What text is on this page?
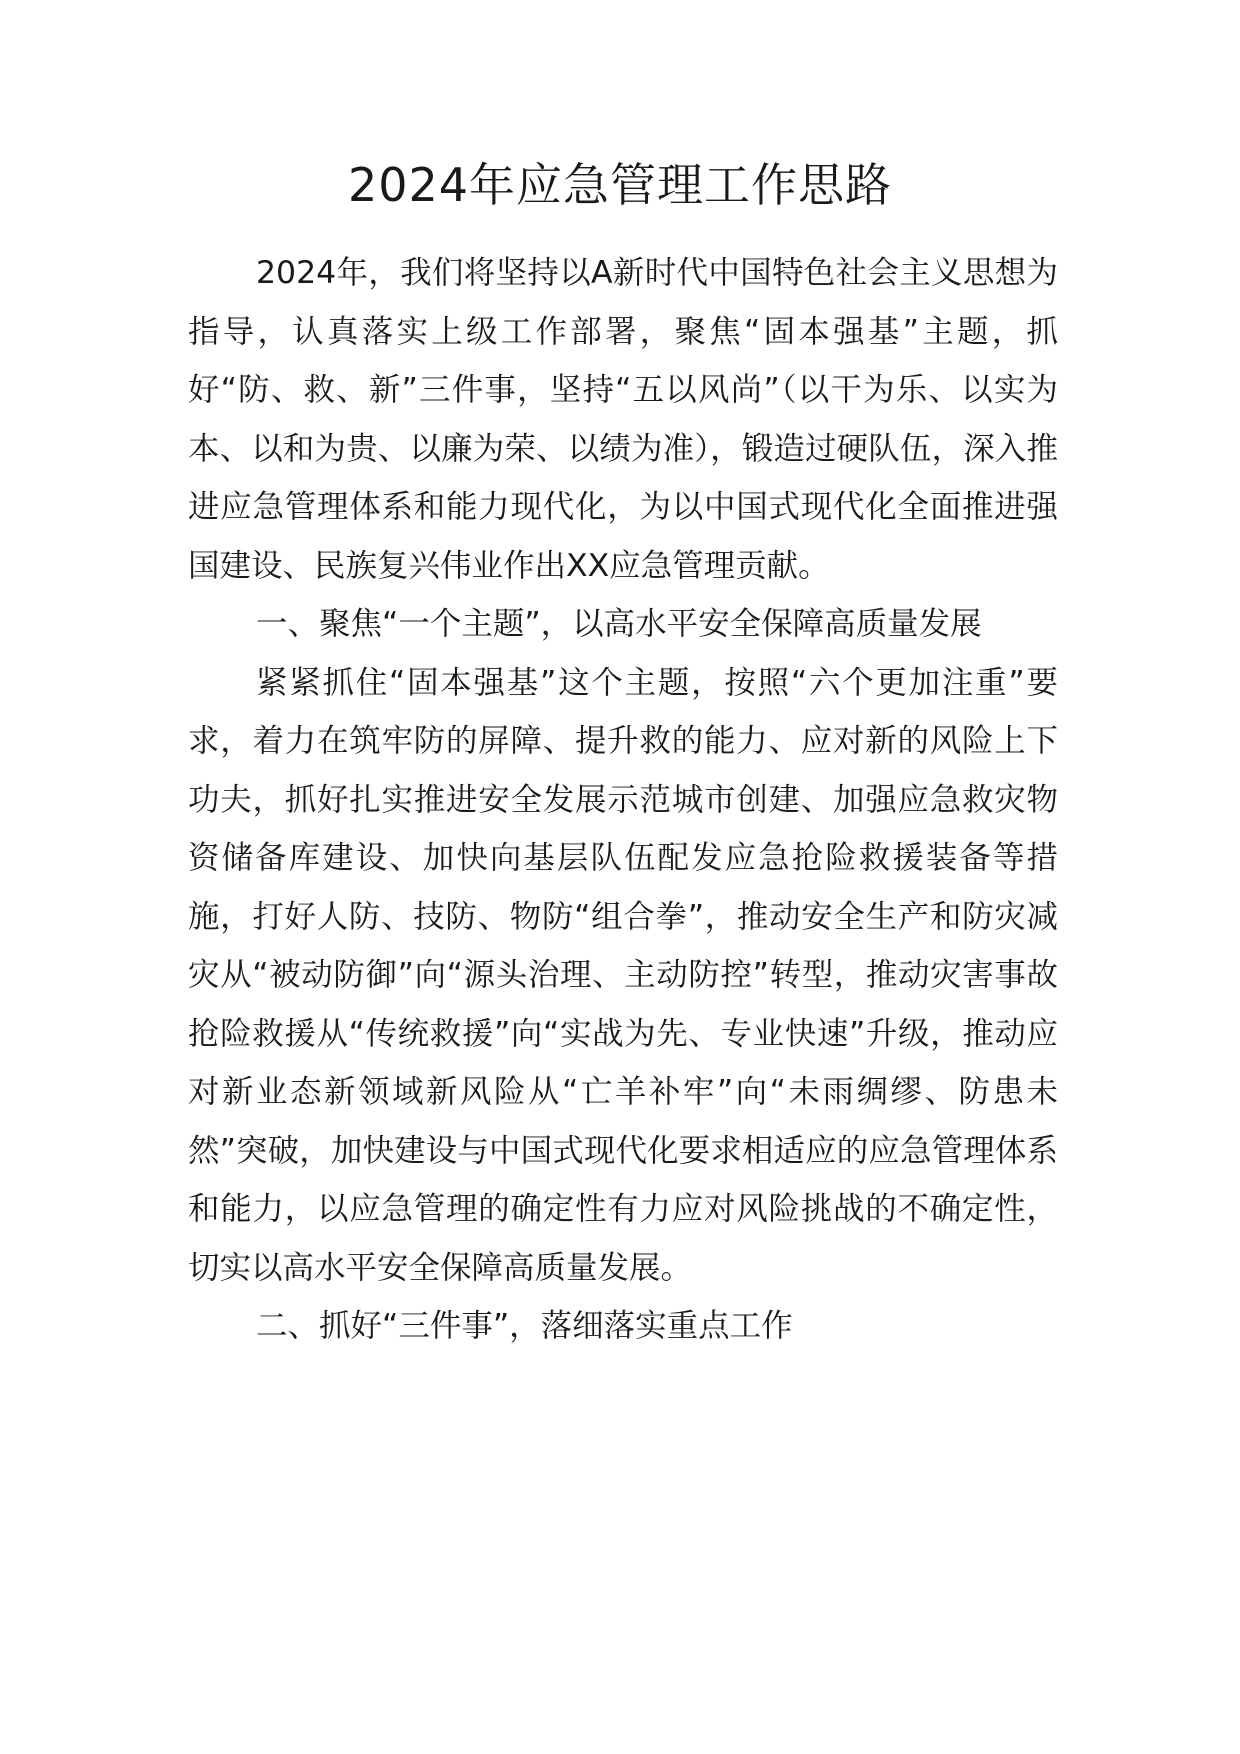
2024年应急管理工作思路

2024年，我们将坚持以A新时代中国特色社会主义思想为指导，认真落实上级工作部署，聚焦“固本强基”主题，抓好“防、救、新”三件事，坚持“五以风尚”（以干为乐、以实为本、以和为贵、以廉为荣、以绩为准），锻造过硬队伍，深入推进应急管理体系和能力现代化，为以中国式现代化全面推进强国建设、民族复兴伟业作出XX应急管理贡献。

一、聚焦“一个主题”，以高水平安全保障高质量发展

紧紧抓住“固本强基”这个主题，按照“六个更加注重”要求，着力在筑牢防的屏障、提升救的能力、应对新的风险上下功夫，抓好扎实推进安全发展示范城市创建、加强应急救灾物资储备库建设、加快向基层队伍配发应急抢险救援装备等措施，打好人防、技防、物防“组合拳”，推动安全生产和防灾减灾从“被动防御”向“源头治理、主动防控”转型，推动灾害事故抢险救援从“传统救援”向“实战为先、专业快速”升级，推动应对新业态新领域新风险从“亡羊补牢”向“未雨绸缪、防患未然”突破，加快建设与中国式现代化要求相适应的应急管理体系和能力，以应急管理的确定性有力应对风险挑战的不确定性，切实以高水平安全保障高质量发展。

二、抓好“三件事”，落细落实重点工作
